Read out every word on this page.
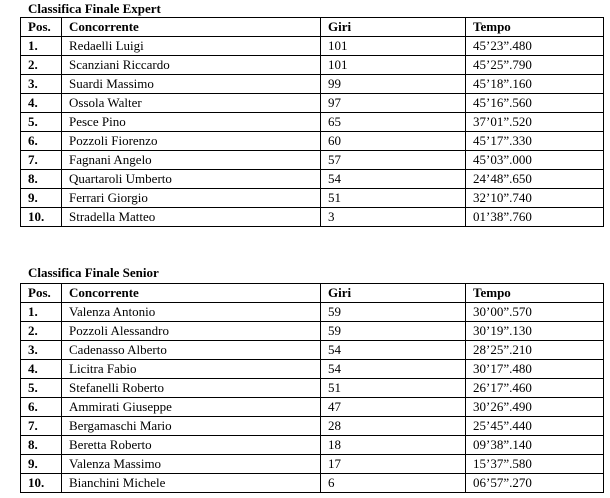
Classifica Finale Expert
Pos.	Concorrente	Giri	Tempo
1.	Redaelli Luigi	101	45’23”.480
2.	Scanziani Riccardo	101	45’25”.790
3.	Suardi Massimo	99	45’18”.160
4.	Ossola Walter	97	45’16”.560
5.	Pesce Pino	65	37’01”.520
6.	Pozzoli Fiorenzo	60	45’17”.330
7.	Fagnani Angelo	57	45’03”.000
8.	Quartaroli Umberto	54	24’48”.650
9.	Ferrari Giorgio	51	32’10”.740
10.	Stradella Matteo	3	01’38”.760
Classifica Finale Senior
Pos.	Concorrente	Giri	Tempo
1.	Valenza Antonio	59	30’00”.570
2.	Pozzoli Alessandro	59	30’19”.130
3.	Cadenasso Alberto	54	28’25”.210
4.	Licitra Fabio	54	30’17”.480
5.	Stefanelli Roberto	51	26’17”.460
6.	Ammirati Giuseppe	47	30’26”.490
7.	Bergamaschi Mario	28	25’45”.440
8.	Beretta Roberto	18	09’38”.140
9.	Valenza Massimo	17	15’37”.580
10.	Bianchini Michele	6	06’57”.270
